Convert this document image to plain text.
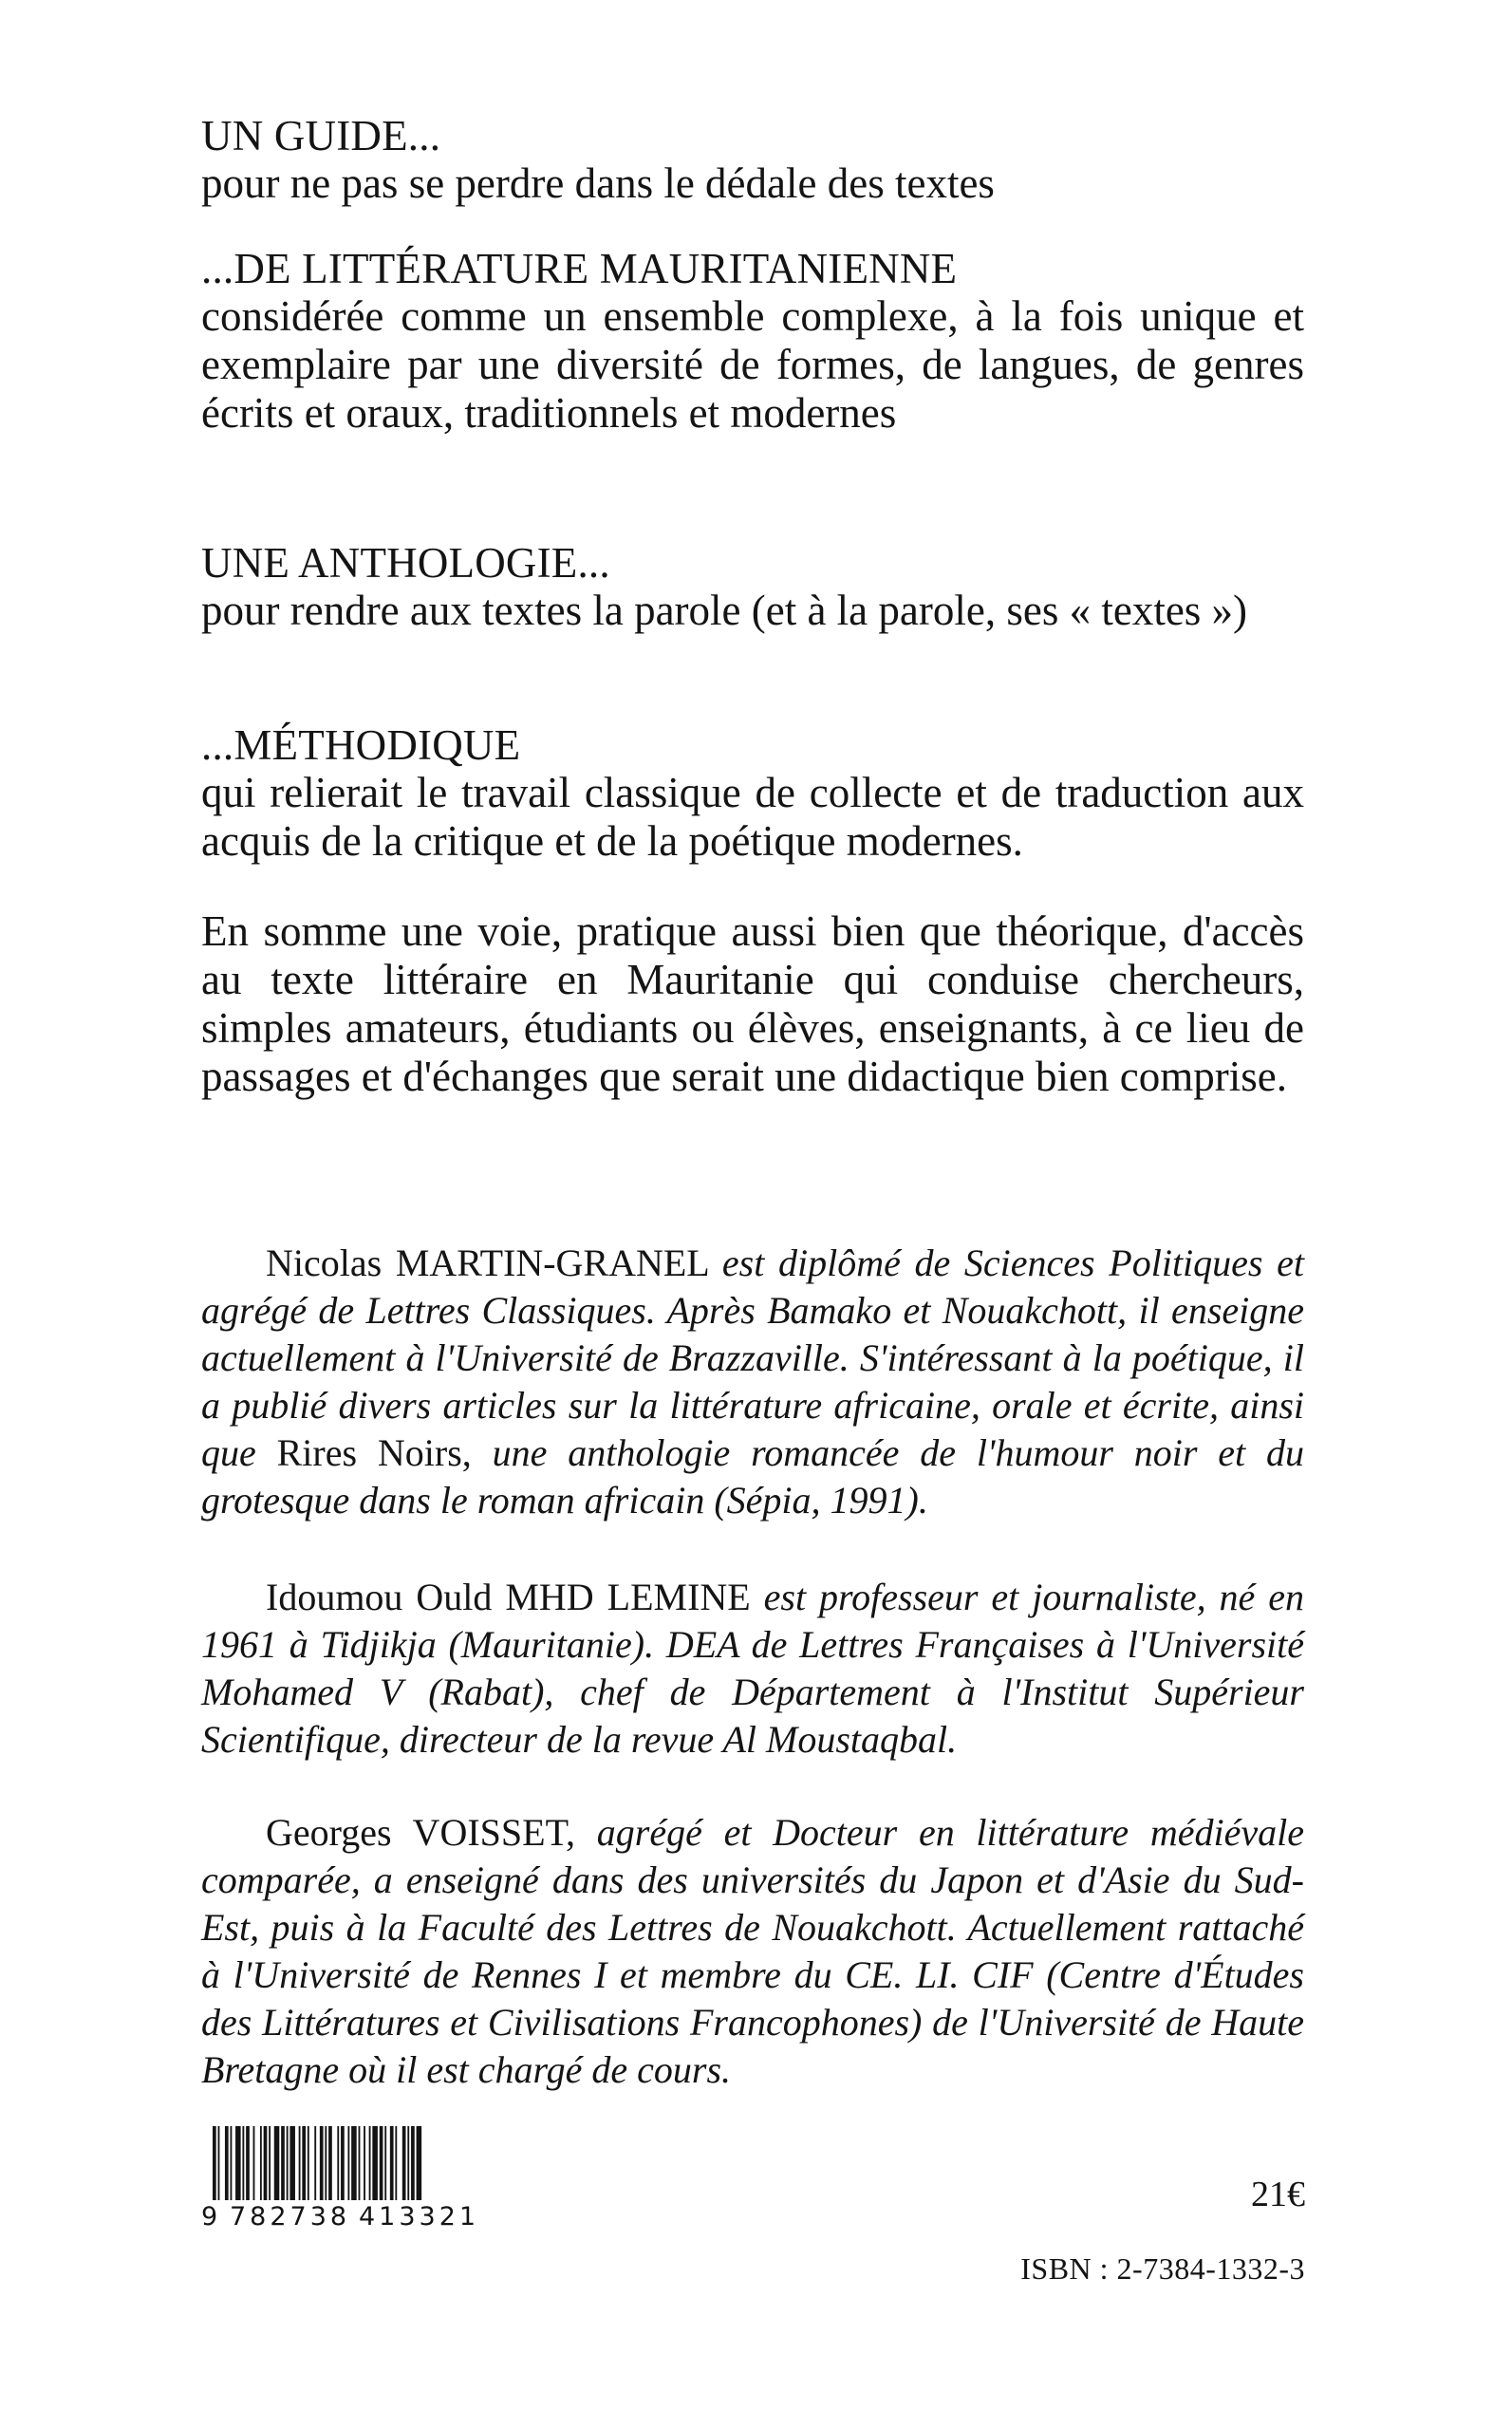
UN GUIDE...

pour ne pas se perdre dans le dédale des textes

...DE LITTÉRATURE MAURITANIENNE

considérée comme un ensemble complexe, à la fois unique et exemplaire par une diversité de formes, de langues, de genres écrits et oraux, traditionnels et modernes

UNE ANTHOLOGIE...

pour rendre aux textes la parole (et à la parole, ses « textes »)

...MÉTHODIQUE

qui relierait le travail classique de collecte et de traduction aux acquis de la critique et de la poétique modernes.

En somme une voie, pratique aussi bien que théorique, d'accès au texte littéraire en Mauritanie qui conduise chercheurs, simples amateurs, étudiants ou élèves, enseignants, à ce lieu de passages et d'échanges que serait une didactique bien comprise.

Nicolas MARTIN-GRANEL est diplômé de Sciences Politiques et agrégé de Lettres Classiques. Après Bamako et Nouakchott, il enseigne actuellement à l'Université de Brazzaville. S'intéressant à la poétique, il a publié divers articles sur la littérature africaine, orale et écrite, ainsi que Rires Noirs, une anthologie romancée de l'humour noir et du grotesque dans le roman africain (Sépia, 1991).

Idoumou Ould MHD LEMINE est professeur et journaliste, né en 1961 à Tidjikja (Mauritanie). DEA de Lettres Françaises à l'Université Mohamed V (Rabat), chef de Département à l'Institut Supérieur Scientifique, directeur de la revue Al Moustaqbal.

Georges VOISSET, agrégé et Docteur en littérature médiévale comparée, a enseigné dans des universités du Japon et d'Asie du Sud-Est, puis à la Faculté des Lettres de Nouakchott. Actuellement rattaché à l'Université de Rennes I et membre du CE. LI. CIF (Centre d'Études des Littératures et Civilisations Francophones) de l'Université de Haute Bretagne où il est chargé de cours.

9 782738 413321
21€
ISBN : 2-7384-1332-3
